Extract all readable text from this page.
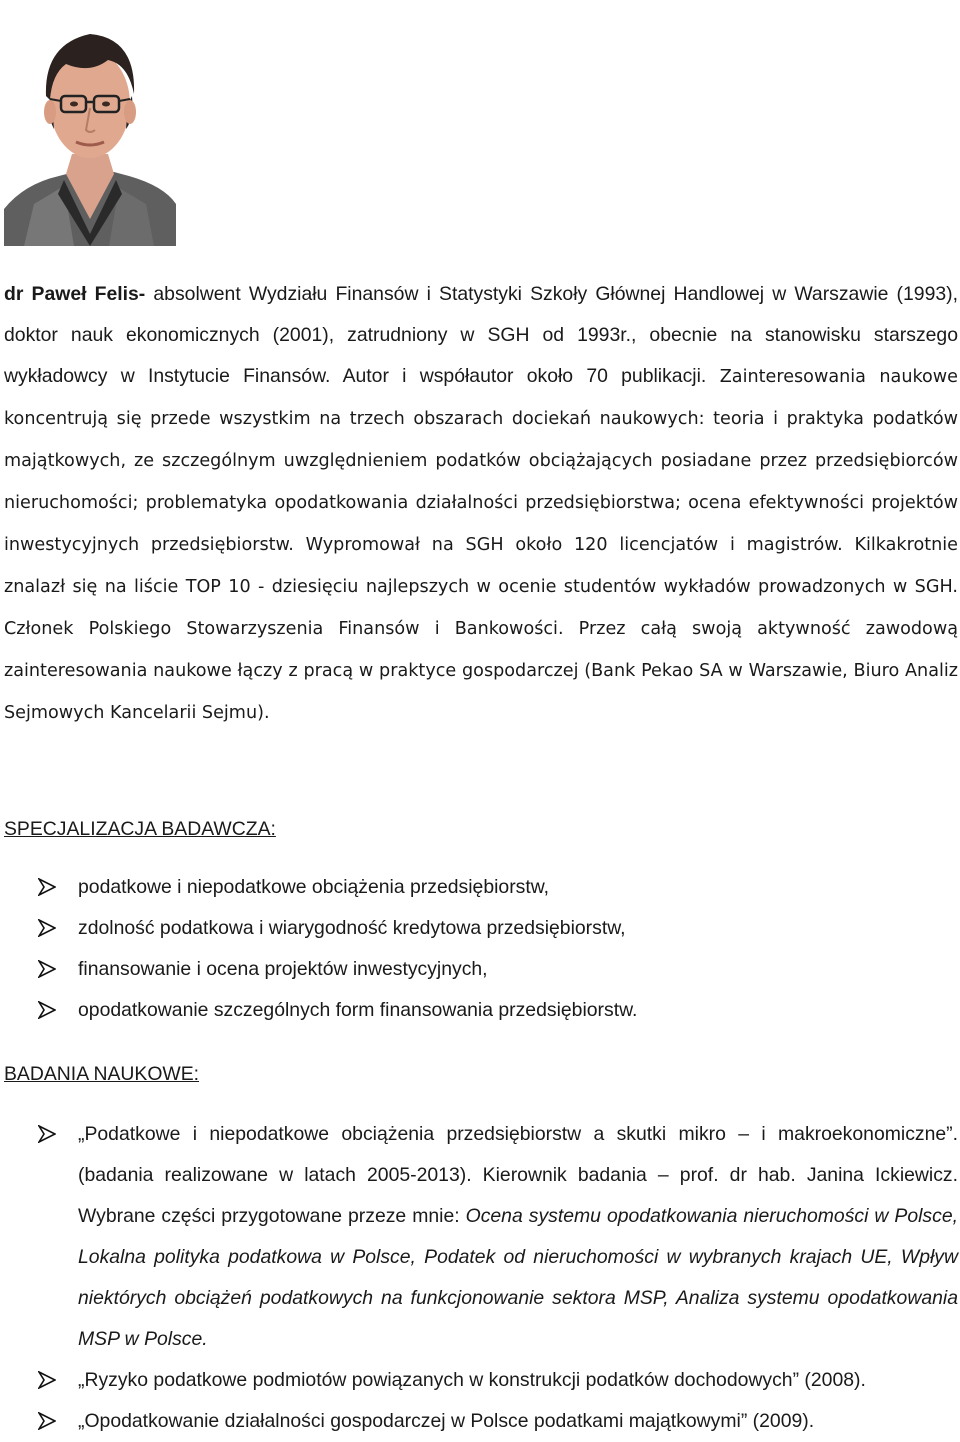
dr Paweł Felis- absolwent Wydziału Finansów i Statystyki Szkoły Głównej Handlowej w Warszawie (1993), doktor nauk ekonomicznych (2001), zatrudniony w SGH od 1993r., obecnie na stanowisku starszego wykładowcy w Instytucie Finansów. Autor i współautor około 70 publikacji. Zainteresowania naukowe koncentrują się przede wszystkim na trzech obszarach dociekań naukowych: teoria i praktyka podatków majątkowych, ze szczególnym uwzględnieniem podatków obciążających posiadane przez przedsiębiorców nieruchomości; problematyka opodatkowania działalności przedsiębiorstwa; ocena efektywności projektów inwestycyjnych przedsiębiorstw. Wypromował na SGH około 120 licencjatów i magistrów. Kilkakrotnie znalazł się na liście TOP 10 - dziesięciu najlepszych w ocenie studentów wykładów prowadzonych w SGH. Członek Polskiego Stowarzyszenia Finansów i Bankowości. Przez całą swoją aktywność zawodową zainteresowania naukowe łączy z pracą w praktyce gospodarczej (Bank Pekao SA w Warszawie, Biuro Analiz Sejmowych Kancelarii Sejmu).

SPECJALIZACJA BADAWCZA:
podatkowe i niepodatkowe obciążenia przedsiębiorstw,
zdolność podatkowa i wiarygodność kredytowa przedsiębiorstw,
finansowanie i ocena projektów inwestycyjnych,
opodatkowanie szczególnych form finansowania przedsiębiorstw.
BADANIA NAUKOWE:
„Podatkowe i niepodatkowe obciążenia przedsiębiorstw a skutki mikro – i makroekonomiczne”. (badania realizowane w latach 2005-2013). Kierownik badania – prof. dr hab. Janina Ickiewicz. Wybrane części przygotowane przeze mnie: Ocena systemu opodatkowania nieruchomości w Polsce, Lokalna polityka podatkowa w Polsce, Podatek od nieruchomości w wybranych krajach UE, Wpływ niektórych obciążeń podatkowych na funkcjonowanie sektora MSP, Analiza systemu opodatkowania MSP w Polsce.
„Ryzyko podatkowe podmiotów powiązanych w konstrukcji podatków dochodowych” (2008).
„Opodatkowanie działalności gospodarczej w Polsce podatkami majątkowymi” (2009).
